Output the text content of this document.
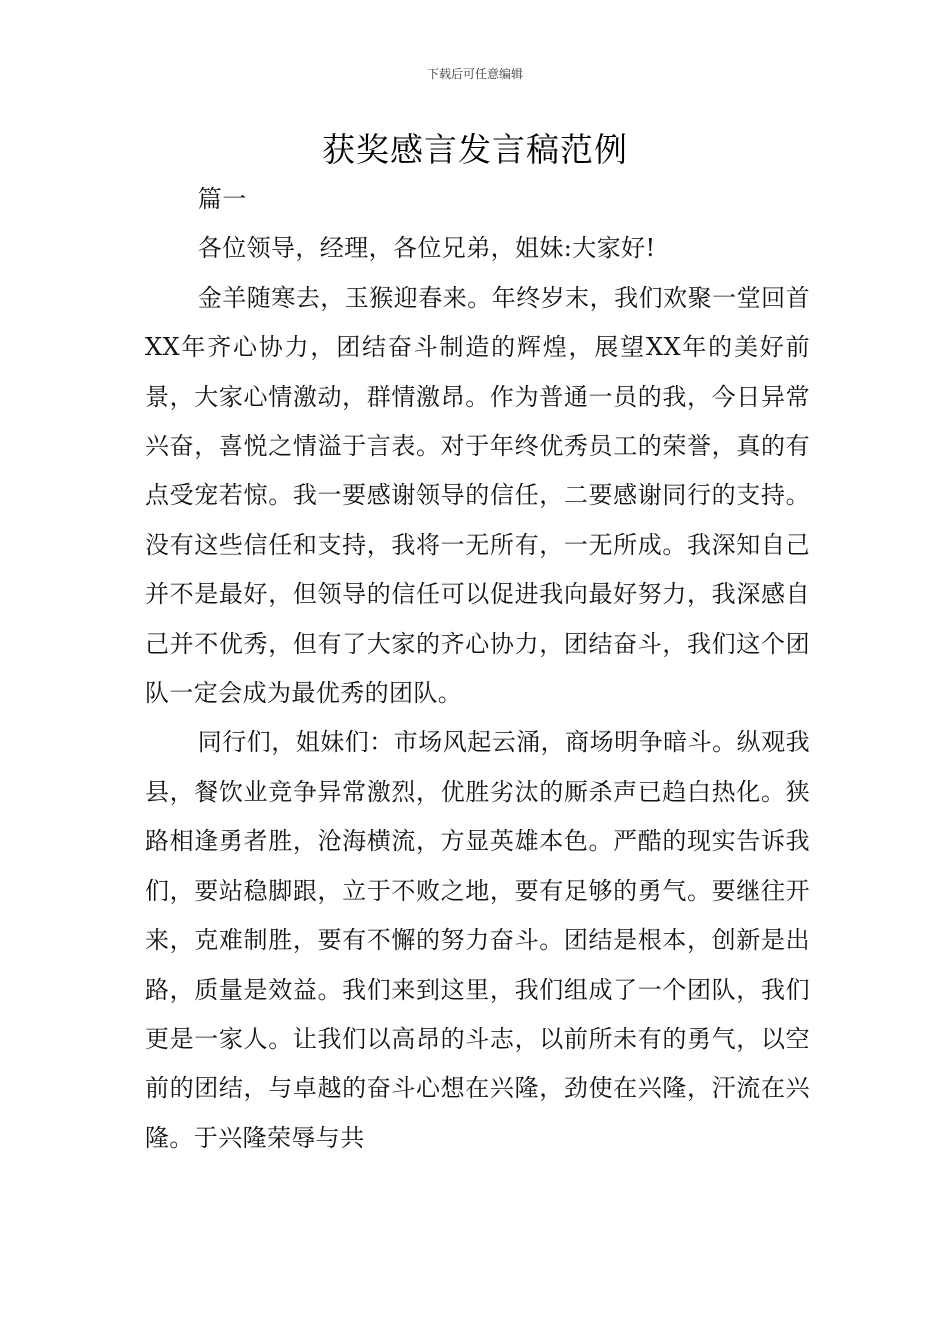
下载后可任意编辑
获奖感言发言稿范例

篇一

各位领导，经理，各位兄弟，姐妹:大家好!

金羊随寒去，玉猴迎春来。年终岁末，我们欢聚一堂回首XX年齐心协力，团结奋斗制造的辉煌，展望XX年的美好前景，大家心情激动，群情激昂。作为普通一员的我，今日异常兴奋，喜悦之情溢于言表。对于年终优秀员工的荣誉，真的有点受宠若惊。我一要感谢领导的信任，二要感谢同行的支持。没有这些信任和支持，我将一无所有，一无所成。我深知自己并不是最好，但领导的信任可以促进我向最好努力，我深感自己并不优秀，但有了大家的齐心协力，团结奋斗，我们这个团队一定会成为最优秀的团队。

同行们，姐妹们：市场风起云涌，商场明争暗斗。纵观我县，餐饮业竞争异常激烈，优胜劣汰的厮杀声已趋白热化。狭路相逢勇者胜，沧海横流，方显英雄本色。严酷的现实告诉我们，要站稳脚跟，立于不败之地，要有足够的勇气。要继往开来，克难制胜，要有不懈的努力奋斗。团结是根本，创新是出路，质量是效益。我们来到这里，我们组成了一个团队，我们更是一家人。让我们以高昂的斗志，以前所未有的勇气，以空前的团结，与卓越的奋斗心想在兴隆，劲使在兴隆，汗流在兴隆。于兴隆荣辱与共
